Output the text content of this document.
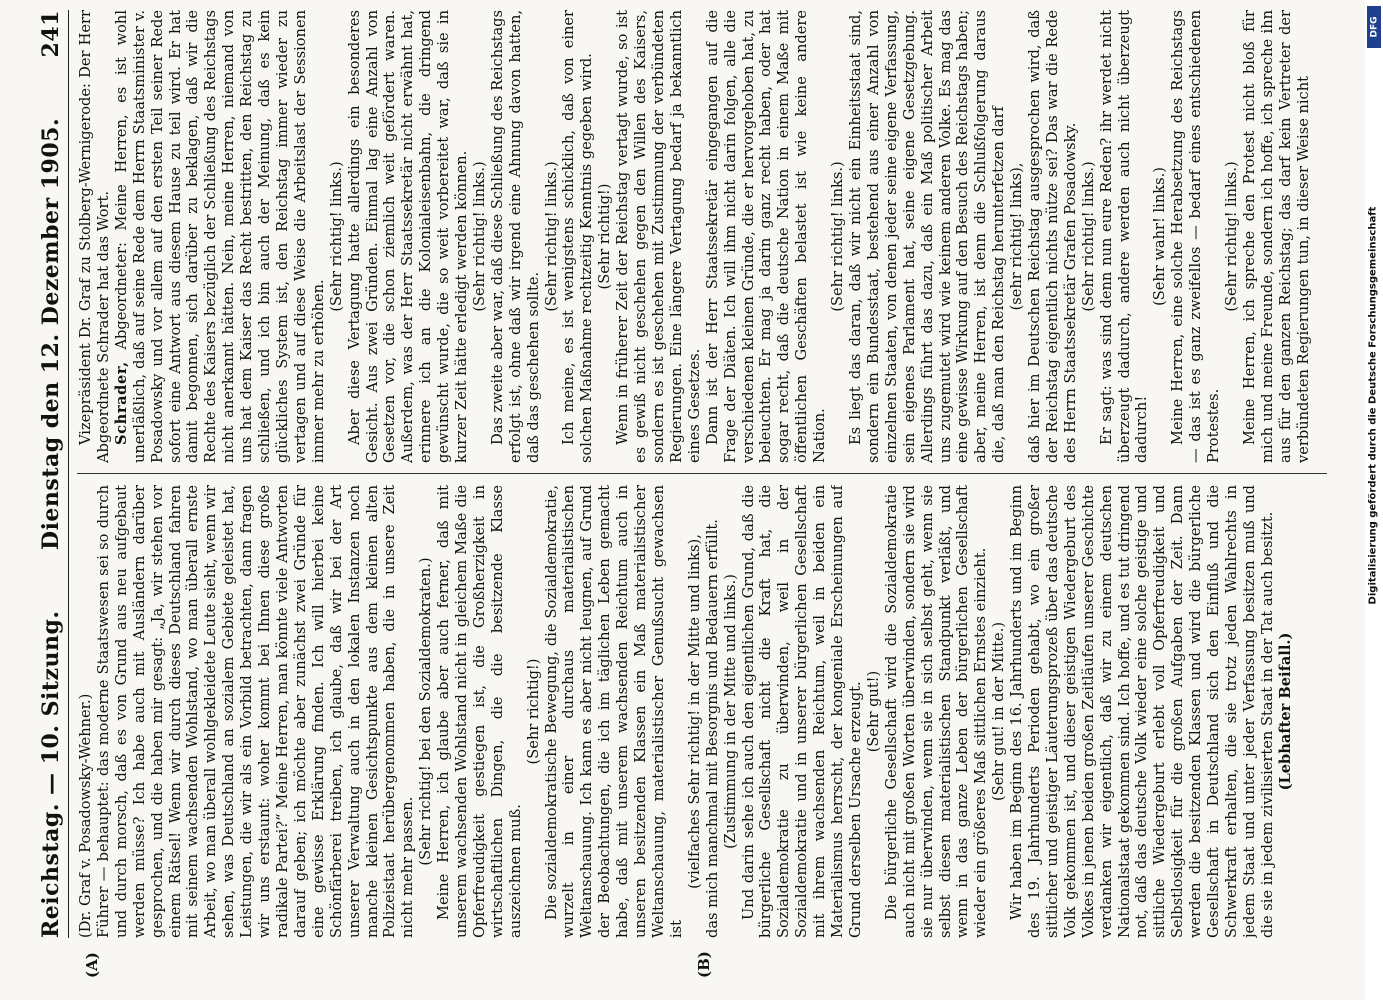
Reichstag. — 10. Sitzung.
Dienstag den 12. Dezember 1905.
241
(A)	(B)

(Dr. Graf v. Posadowsky-Wehner.) Führer — behauptet: das moderne Staatswesen sei so durch und durch morsch, daß es von Grund aus neu aufgebaut werden müsse? Ich habe auch mit Ausländern darüber gesprochen, und die haben mir gesagt: „Ja, wir stehen vor einem Rätsel! Wenn wir durch dieses Deutschland fahren mit seinem wachsenden Wohlstand, wo man überall ernste Arbeit, wo man überall wohlgekleidete Leute sieht, wenn wir sehen, was Deutschland an sozialem Gebiete geleistet hat, Leistungen, die wir als ein Vorbild betrachten, dann fragen wir uns erstaunt: woher kommt bei Ihnen diese große radikale Partei?“ Meine Herren, man könnte viele Antworten darauf geben; ich möchte aber zunächst zwei Gründe für eine gewisse Erklärung finden. Ich will hierbei keine Schönfärberei treiben, ich glaube, daß wir bei der Art unserer Verwaltung auch in den lokalen Instanzen noch manche kleinen Gesichtspunkte aus dem kleinen alten Polizeistaat herübergenommen haben, die in unsere Zeit nicht mehr passen.

(Sehr richtig! bei den Sozialdemokraten.) Meine Herren, ich glaube aber auch ferner, daß mit unserem wachsenden Wohlstand nicht in gleichem Maße die Opferfreudigkeit gestiegen ist, die Großherzigkeit in wirtschaftlichen Dingen, die die besitzende Klasse auszeichnen muß.

(Sehr richtig!) Die sozialdemokratische Bewegung, die Sozialdemokratie, wurzelt in einer durchaus materialistischen Weltanschauung. Ich kann es aber nicht leugnen, auf Grund der Beobachtungen, die ich im täglichen Leben gemacht habe, daß mit unserem wachsenden Reichtum auch in unseren besitzenden Klassen ein Maß materialistischer Weltanschauung, materialistischer Genußsucht gewachsen ist

(vielfaches Sehr richtig! in der Mitte und links), das mich manchmal mit Besorgnis und Bedauern erfüllt. (Zustimmung in der Mitte und links.) Und darin sehe ich auch den eigentlichen Grund, daß die bürgerliche Gesellschaft nicht die Kraft hat, die Sozialdemokratie zu überwinden, weil in der Sozialdemokratie und in unserer bürgerlichen Gesellschaft mit ihrem wachsenden Reichtum, weil in beiden ein Materialismus herrscht, der kongeniale Erscheinungen auf Grund derselben Ursache erzeugt. (Sehr gut!) Die bürgerliche Gesellschaft wird die Sozialdemokratie auch nicht mit großen Worten überwinden, sondern sie wird sie nur überwinden, wenn sie in sich selbst geht, wenn sie selbst diesen materialistischen Standpunkt verläßt, und wenn in das ganze Leben der bürgerlichen Gesellschaft wieder ein größeres Maß sittlichen Ernstes einzieht. (Sehr gut! in der Mitte.) Wir haben im Beginn des 16. Jahrhunderts und im Beginn des 19. Jahrhunderts Perioden gehabt, wo ein großer sittlicher und geistiger Läuterungsprozeß über das deutsche Volk gekommen ist, und dieser geistigen Wiedergeburt des Volkes in jenen beiden großen Zeitläufen unserer Geschichte verdanken wir eigentlich, daß wir zu einem deutschen Nationalstaat gekommen sind. Ich hoffe, und es tut dringend not, daß das deutsche Volk wieder eine solche geistige und sittliche Wiedergeburt erlebt voll Opferfreudigkeit und Selbstlosigkeit für die großen Aufgaben der Zeit. Dann werden die besitzenden Klassen und wird die bürgerliche Gesellschaft in Deutschland sich den Einfluß und die Schwerkraft erhalten, die sie trotz jeden Wahlrechts in jedem Staat und unter jeder Verfassung besitzen muß und die sie in jedem zivilisierten Staat in der Tat auch besitzt. (Lebhafter Beifall.)

Vizepräsident Dr. Graf zu Stolberg-Wernigerode: Der Herr Abgeordnete Schrader hat das Wort. Schrader, Abgeordneter: Meine Herren, es ist wohl unerläßlich, daß auf seine Rede dem Herrn Staatsminister v. Posadowsky und vor allem auf den ersten Teil seiner Rede sofort eine Antwort aus diesem Hause zu teil wird. Er hat damit begonnen, sich darüber zu beklagen, daß wir die Rechte des Kaisers bezüglich der Schließung des Reichstags nicht anerkannt hätten. Nein, meine Herren, niemand von uns hat dem Kaiser das Recht bestritten, den Reichstag zu schließen, und ich bin auch der Meinung, daß es kein glückliches System ist, den Reichstag immer wieder zu vertagen und auf diese Weise die Arbeitslast der Sessionen immer mehr zu erhöhen.

(Sehr richtig! links.) Aber diese Vertagung hatte allerdings ein besonderes Gesicht. Aus zwei Gründen. Einmal lag eine Anzahl von Gesetzen vor, die schon ziemlich weit gefördert waren. Außerdem, was der Herr Staatssekretär nicht erwähnt hat, erinnere ich an die Kolonialeisenbahn, die dringend gewünscht wurde, die so weit vorbereitet war, daß sie in kurzer Zeit hätte erledigt werden können. (Sehr richtig! links.) Das zweite aber war, daß diese Schließung des Reichstags erfolgt ist, ohne daß wir irgend eine Ahnung davon hatten, daß das geschehen sollte.

(Sehr richtig! links.) Ich meine, es ist wenigstens schicklich, daß von einer solchen Maßnahme rechtzeitig Kenntnis gegeben wird. (Sehr richtig!) Wenn in früherer Zeit der Reichstag vertagt wurde, so ist es gewiß nicht geschehen gegen den Willen des Kaisers, sondern es ist geschehen mit Zustimmung der verbündeten Regierungen. Eine längere Vertagung bedarf ja bekanntlich eines Gesetzes. Dann ist der Herr Staatssekretär eingegangen auf die Frage der Diäten. Ich will ihm nicht darin folgen, alle die verschiedenen kleinen Gründe, die er hervorgehoben hat, zu beleuchten. Er mag ja darin ganz recht haben, oder hat sogar recht, daß die deutsche Nation in einem Maße mit öffentlichen Geschäften belastet ist wie keine andere Nation.

(Sehr richtig! links.) Es liegt das daran, daß wir nicht ein Einheitsstaat sind, sondern ein Bundesstaat, bestehend aus einer Anzahl von einzelnen Staaten, von denen jeder seine eigene Verfassung, sein eigenes Parlament hat, seine eigene Gesetzgebung. Allerdings führt das dazu, daß ein Maß politischer Arbeit uns zugemutet wird wie keinem anderen Volke. Es mag das eine gewisse Wirkung auf den Besuch des Reichstags haben; aber, meine Herren, ist denn die Schlußfolgerung daraus die, daß man den Reichstag herunterfetzen darf (sehr richtig! links), daß hier im Deutschen Reichstag ausgesprochen wird, daß der Reichstag eigentlich nichts nütze sei? Das war die Rede des Herrn Staatssekretär Grafen Posadowsky. (Sehr richtig! links.) Er sagt: was sind denn nun eure Reden? ihr werdet nicht überzeugt dadurch, andere werden auch nicht überzeugt dadurch!

(Sehr wahr! links.) Meine Herren, eine solche Herabsetzung des Reichstags — das ist es ganz zweifellos — bedarf eines entschiedenen Protestes.

(Sehr richtig! links.) Meine Herren, ich spreche den Protest nicht bloß für mich und meine Freunde, sondern ich hoffe, ich spreche ihn aus für den ganzen Reichstag; das darf kein Vertreter der verbündeten Regierungen tun, in dieser Weise nicht

DFG
Digitalisierung gefördert durch die Deutsche Forschungsgemeinschaft
